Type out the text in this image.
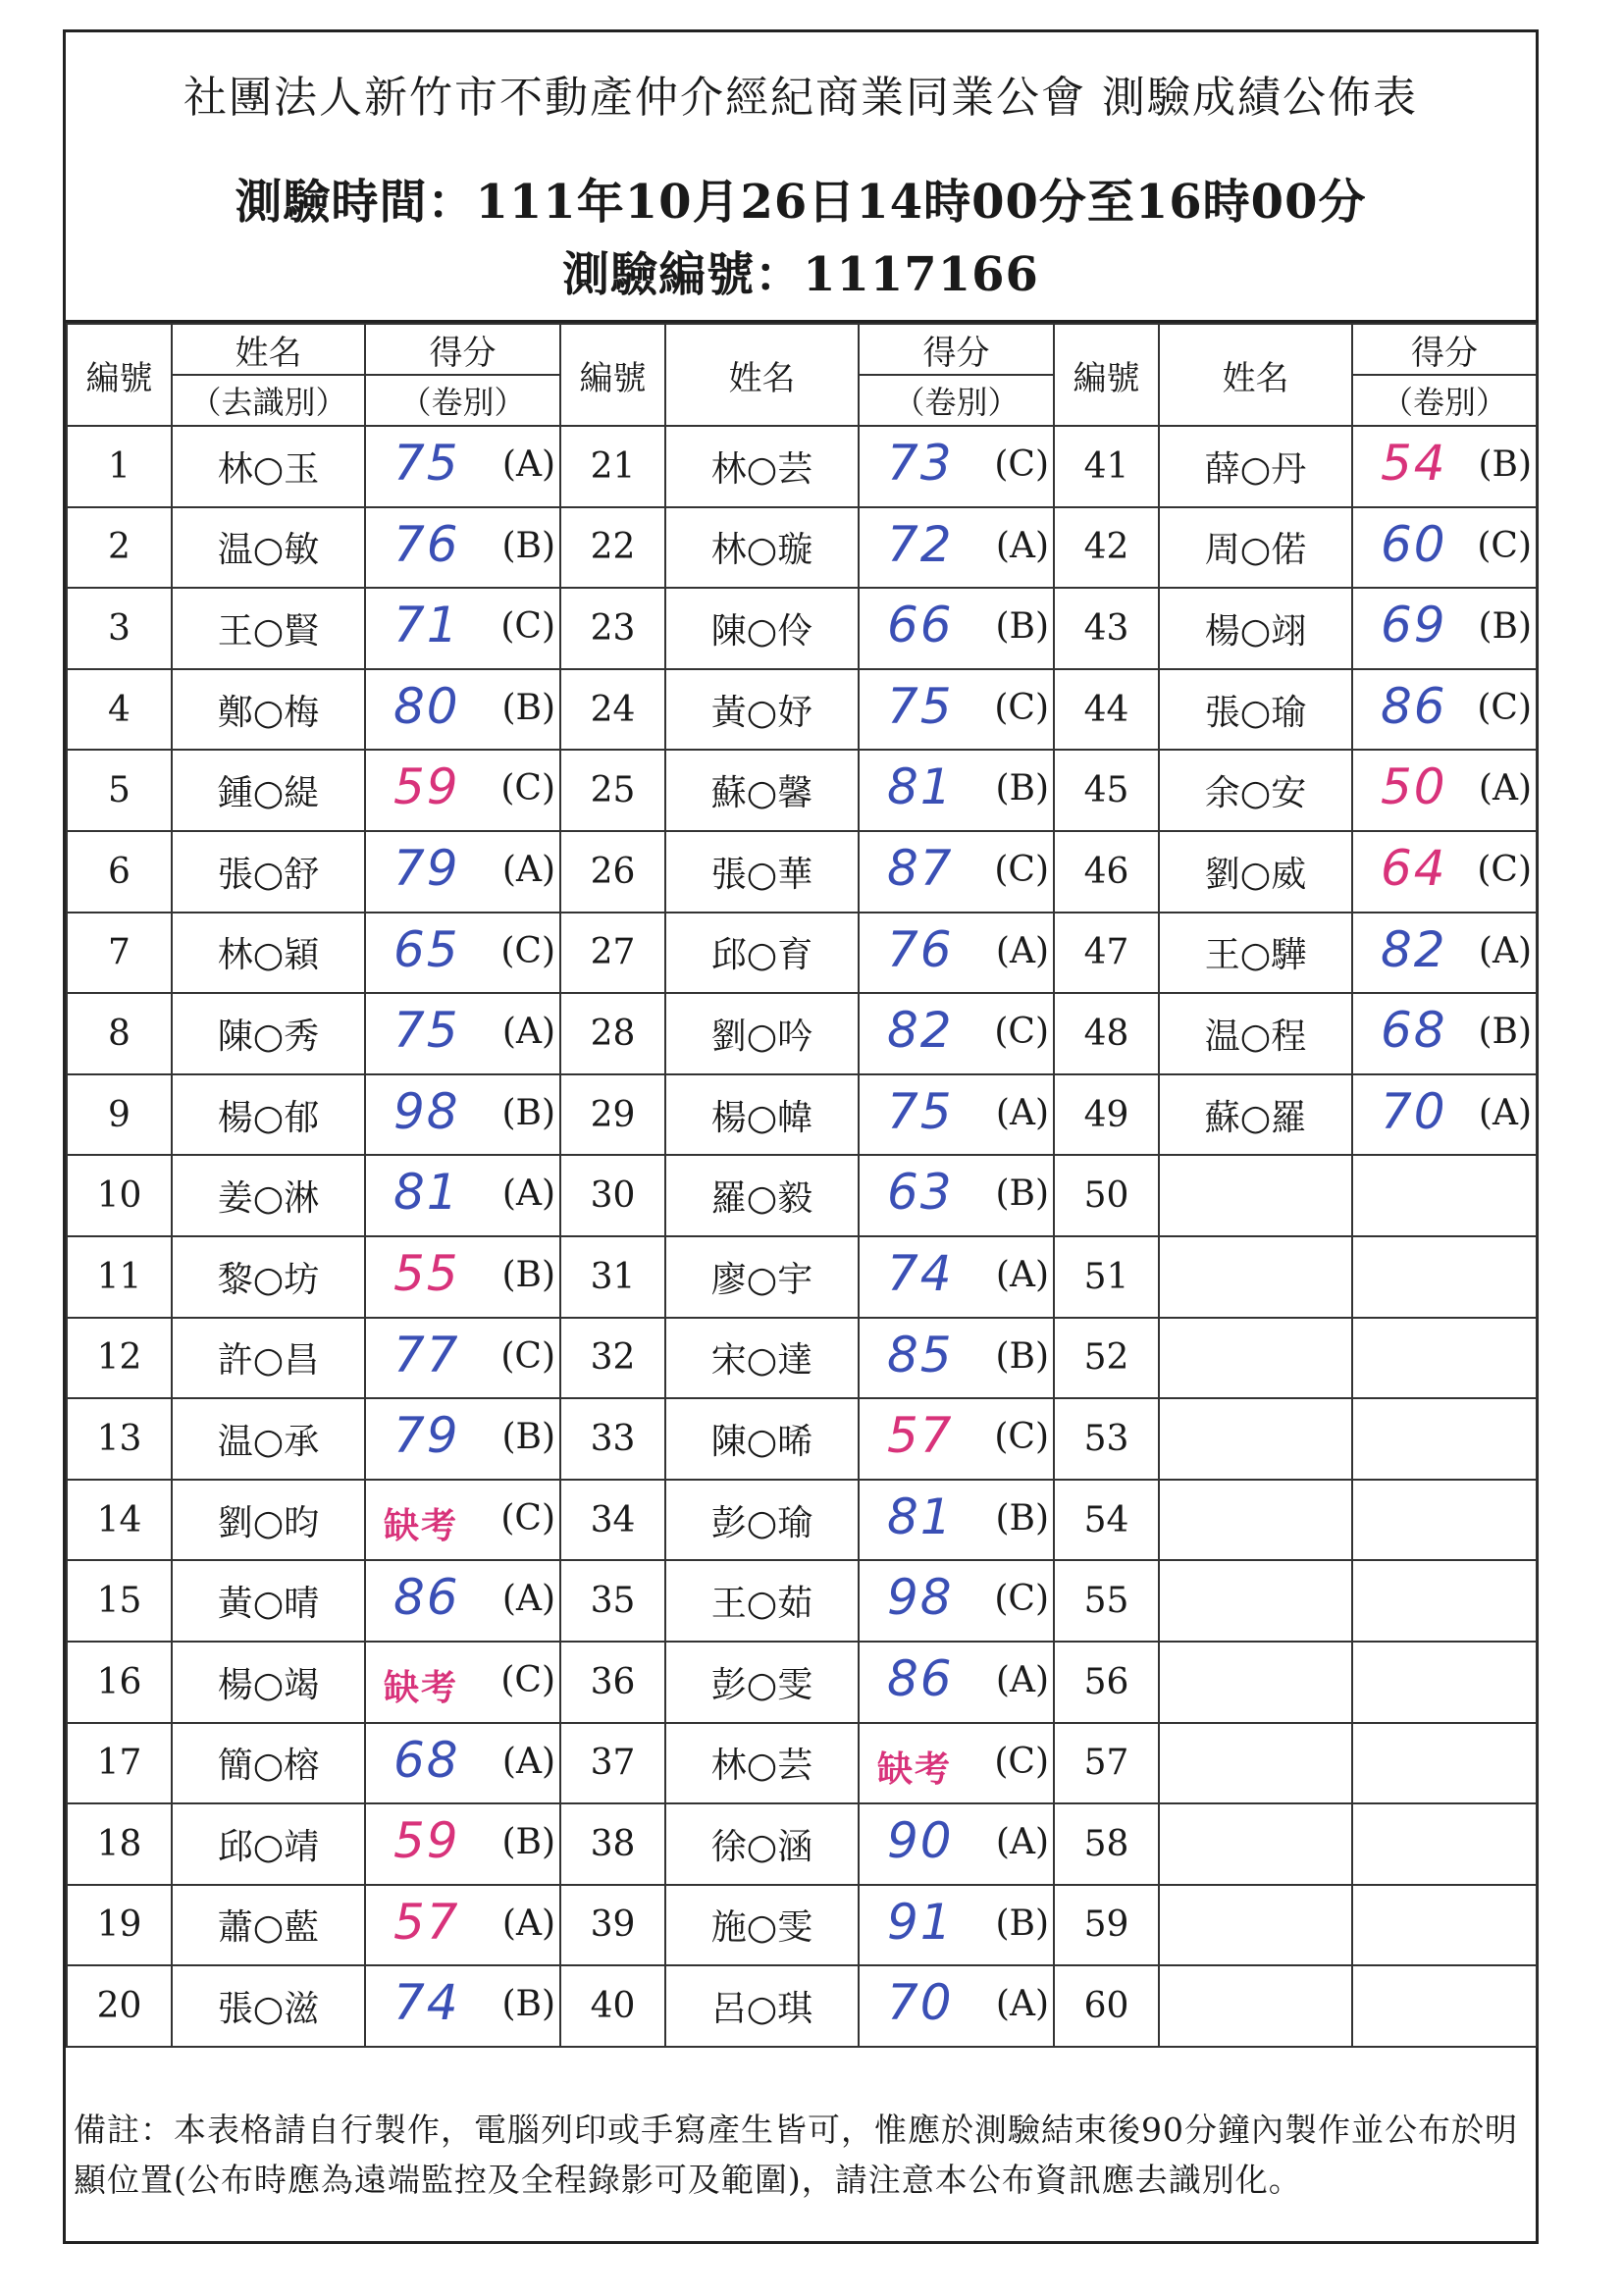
社團法人新竹市不動產仲介經紀商業同業公會 測驗成績公佈表
測驗時間：111年10月26日14時00分至16時00分
測驗編號：1117166
編號	姓名	得分	編號	姓名	得分	編號	姓名	得分
	（去識別）	（卷別）			（卷別）			（卷別）
1	林○玉	75 (A)	21	林○芸	73 (C)	41	薛○丹	54 (B)

2	温○敏	76 (B)	22	林○璇	72 (A)	42	周○偌	60 (C)

3	王○賢	71 (C)	23	陳○伶	66 (B)	43	楊○翊	69 (B)

4	鄭○梅	80 (B)	24	黃○妤	75 (C)	44	張○瑜	86 (C)

5	鍾○緹	59 (C)	25	蘇○馨	81 (B)	45	余○安	50 (A)

6	張○舒	79 (A)	26	張○華	87 (C)	46	劉○威	64 (C)

7	林○穎	65 (C)	27	邱○育	76 (A)	47	王○驊	82 (A)

8	陳○秀	75 (A)	28	劉○吟	82 (C)	48	温○程	68 (B)

9	楊○郁	98 (B)	29	楊○幃	75 (A)	49	蘇○羅	70 (A)

10	姜○淋	81 (A)	30	羅○毅	63 (B)	50		

11	黎○坊	55 (B)	31	廖○宇	74 (A)	51		

12	許○昌	77 (C)	32	宋○達	85 (B)	52		

13	温○承	79 (B)	33	陳○晞	57 (C)	53		

14	劉○昀	缺考 (C)	34	彭○瑜	81 (B)	54		

15	黃○晴	86 (A)	35	王○茹	98 (C)	55		

16	楊○竭	缺考 (C)	36	彭○雯	86 (A)	56		

17	簡○榕	68 (A)	37	林○芸	缺考 (C)	57		

18	邱○靖	59 (B)	38	徐○涵	90 (A)	58		

19	蕭○藍	57 (A)	39	施○雯	91 (B)	59		

20	張○滋	74 (B)	40	呂○琪	70 (A)	60		
備註：本表格請自行製作，電腦列印或手寫產生皆可，惟應於測驗結束後90分鐘內製作並公布於明顯位置(公布時應為遠端監控及全程錄影可及範圍)，請注意本公布資訊應去識別化。
